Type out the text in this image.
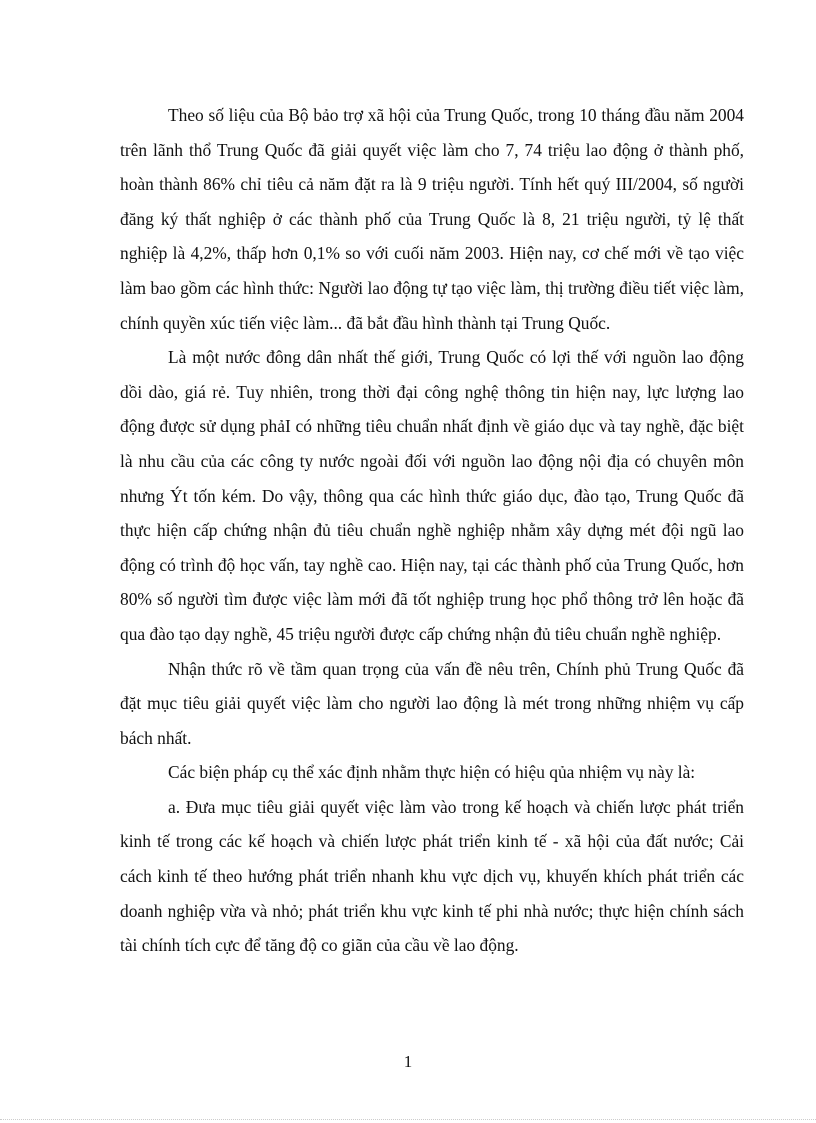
Theo số liệu của Bộ bảo trợ xã hội của Trung Quốc, trong 10 tháng đầu năm 2004 trên lãnh thổ Trung Quốc đã giải quyết việc làm cho 7, 74 triệu lao động ở thành phố, hoàn thành 86% chỉ tiêu cả năm đặt ra là 9 triệu người. Tính hết quý III/2004, số người đăng ký thất nghiệp ở các thành phố của Trung Quốc là 8, 21 triệu người, tỷ lệ thất nghiệp là 4,2%, thấp hơn 0,1% so với cuối năm 2003. Hiện nay, cơ chế mới về tạo việc làm bao gồm các hình thức: Người lao động tự tạo việc làm, thị trường điều tiết việc làm, chính quyền xúc tiến việc làm... đã bắt đầu hình thành tại Trung Quốc.

Là một nước đông dân nhất thế giới, Trung Quốc có lợi thế với nguồn lao động dồi dào, giá rẻ. Tuy nhiên, trong thời đại công nghệ thông tin hiện nay, lực lượng lao động được sử dụng phảI có những tiêu chuẩn nhất định về giáo dục và tay nghề, đặc biệt là nhu cầu của các công ty nước ngoài đối với nguồn lao động nội địa có chuyên môn nhưng Ýt tốn kém. Do vậy, thông qua các hình thức giáo dục, đào tạo, Trung Quốc đã thực hiện cấp chứng nhận đủ tiêu chuẩn nghề nghiệp nhằm xây dựng mét đội ngũ lao động có trình độ học vấn, tay nghề cao. Hiện nay, tại các thành phố của Trung Quốc, hơn 80% số người tìm được việc làm mới đã tốt nghiệp trung học phổ thông trở lên hoặc đã qua đào tạo dạy nghề, 45 triệu người được cấp chứng nhận đủ tiêu chuẩn nghề nghiệp.

Nhận thức rõ về tầm quan trọng của vấn đề nêu trên, Chính phủ Trung Quốc đã đặt mục tiêu giải quyết việc làm cho người lao động là mét trong những nhiệm vụ cấp bách nhất.

Các biện pháp cụ thể xác định nhằm thực hiện có hiệu qủa nhiệm vụ này là:

a. Đưa mục tiêu giải quyết việc làm vào trong kế hoạch và chiến lược phát triển kinh tế trong các kế hoạch và chiến lược phát triển kinh tế - xã hội của đất nước; Cải cách kinh tế theo hướng phát triển nhanh khu vực dịch vụ, khuyến khích phát triển các doanh nghiệp vừa và nhỏ; phát triển khu vực kinh tế phi nhà nước; thực hiện chính sách tài chính tích cực để tăng độ co giãn của cầu về lao động.

1
